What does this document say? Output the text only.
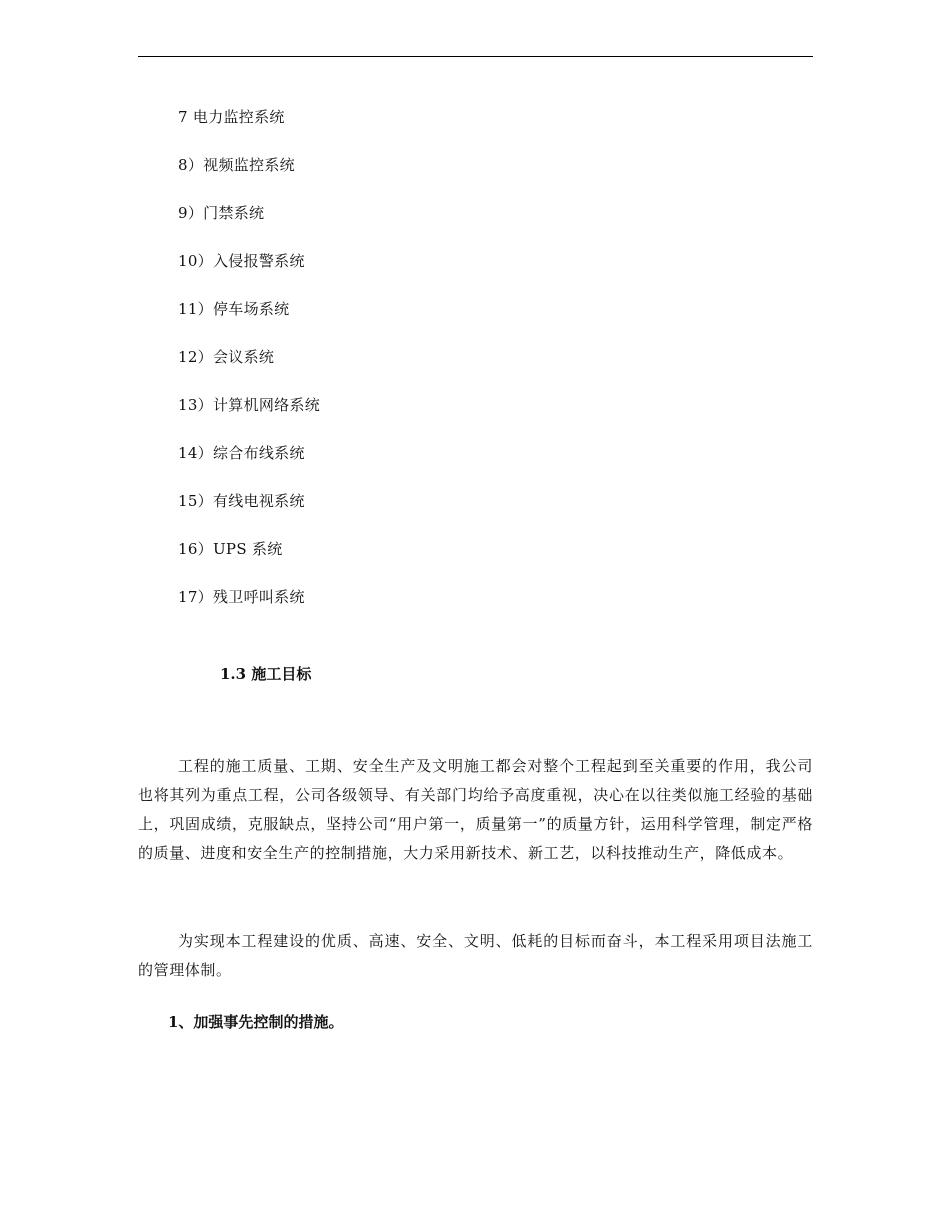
7 电力监控系统
8）视频监控系统
9）门禁系统
10）入侵报警系统
11）停车场系统
12）会议系统
13）计算机网络系统
14）综合布线系统
15）有线电视系统
16）UPS 系统
17）残卫呼叫系统
1.3 施工目标

工程的施工质量、工期、安全生产及文明施工都会对整个工程起到至关重要的作用，我公司也将其列为重点工程，公司各级领导、有关部门均给予高度重视，决心在以往类似施工经验的基础上，巩固成绩，克服缺点，坚持公司“用户第一，质量第一”的质量方针，运用科学管理，制定严格的质量、进度和安全生产的控制措施，大力采用新技术、新工艺，以科技推动生产，降低成本。

为实现本工程建设的优质、高速、安全、文明、低耗的目标而奋斗，本工程采用项目法施工的管理体制。

1、加强事先控制的措施。
